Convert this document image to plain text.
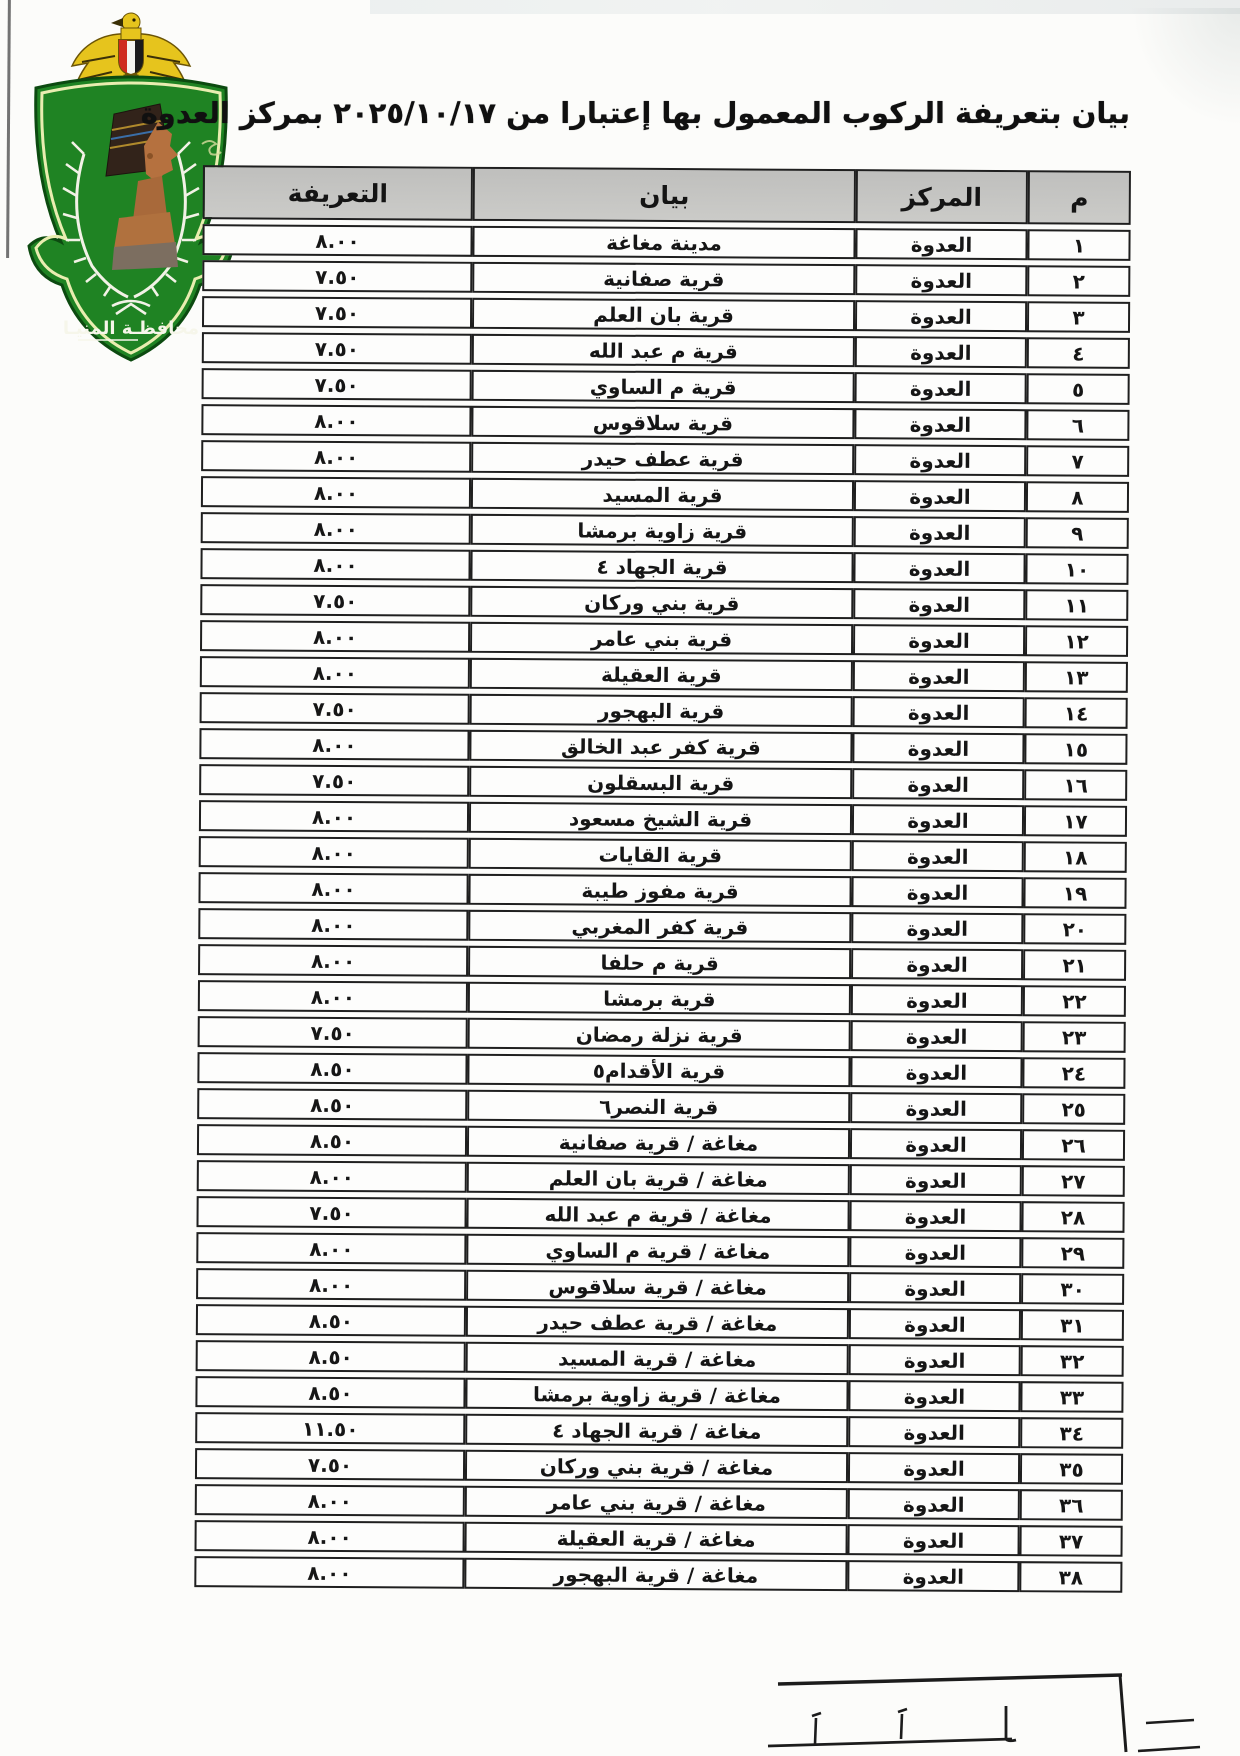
محافظـة المنيـا
بيان بتعريفة الركوب المعمول بها إعتبارا من ٢٠٢٥/١٠/١٧ بمركز العدوة
م	المركز	بيان	التعريفة
١	العدوة	مدينة مغاغة	٨.٠٠
٢	العدوة	قرية صفانية	٧.٥٠
٣	العدوة	قرية بان العلم	٧.٥٠
٤	العدوة	قرية م عبد الله	٧.٥٠
٥	العدوة	قرية م الساوي	٧.٥٠
٦	العدوة	قرية سلاقوس	٨.٠٠
٧	العدوة	قرية عطف حيدر	٨.٠٠
٨	العدوة	قرية المسيد	٨.٠٠
٩	العدوة	قرية زاوية برمشا	٨.٠٠
١٠	العدوة	قرية الجهاد ٤	٨.٠٠
١١	العدوة	قرية بني وركان	٧.٥٠
١٢	العدوة	قرية بني عامر	٨.٠٠
١٣	العدوة	قرية العقيلة	٨.٠٠
١٤	العدوة	قرية البهجور	٧.٥٠
١٥	العدوة	قرية كفر عبد الخالق	٨.٠٠
١٦	العدوة	قرية البسقلون	٧.٥٠
١٧	العدوة	قرية الشيخ مسعود	٨.٠٠
١٨	العدوة	قرية القايات	٨.٠٠
١٩	العدوة	قرية مفوز طيبة	٨.٠٠
٢٠	العدوة	قرية كفر المغربي	٨.٠٠
٢١	العدوة	قرية م حلفا	٨.٠٠
٢٢	العدوة	قرية برمشا	٨.٠٠
٢٣	العدوة	قرية نزلة رمضان	٧.٥٠
٢٤	العدوة	قرية الأقدام٥	٨.٥٠
٢٥	العدوة	قرية النصر٦	٨.٥٠
٢٦	العدوة	مغاغة / قرية صفانية	٨.٥٠
٢٧	العدوة	مغاغة / قرية بان العلم	٨.٠٠
٢٨	العدوة	مغاغة / قرية م عبد الله	٧.٥٠
٢٩	العدوة	مغاغة / قرية م الساوي	٨.٠٠
٣٠	العدوة	مغاغة / قرية سلاقوس	٨.٠٠
٣١	العدوة	مغاغة / قرية عطف حيدر	٨.٥٠
٣٢	العدوة	مغاغة / قرية المسيد	٨.٥٠
٣٣	العدوة	مغاغة / قرية زاوية برمشا	٨.٥٠
٣٤	العدوة	مغاغة / قرية الجهاد ٤	١١.٥٠
٣٥	العدوة	مغاغة / قرية بني وركان	٧.٥٠
٣٦	العدوة	مغاغة / قرية بني عامر	٨.٠٠
٣٧	العدوة	مغاغة / قرية العقيلة	٨.٠٠
٣٨	العدوة	مغاغة / قرية البهجور	٨.٠٠
